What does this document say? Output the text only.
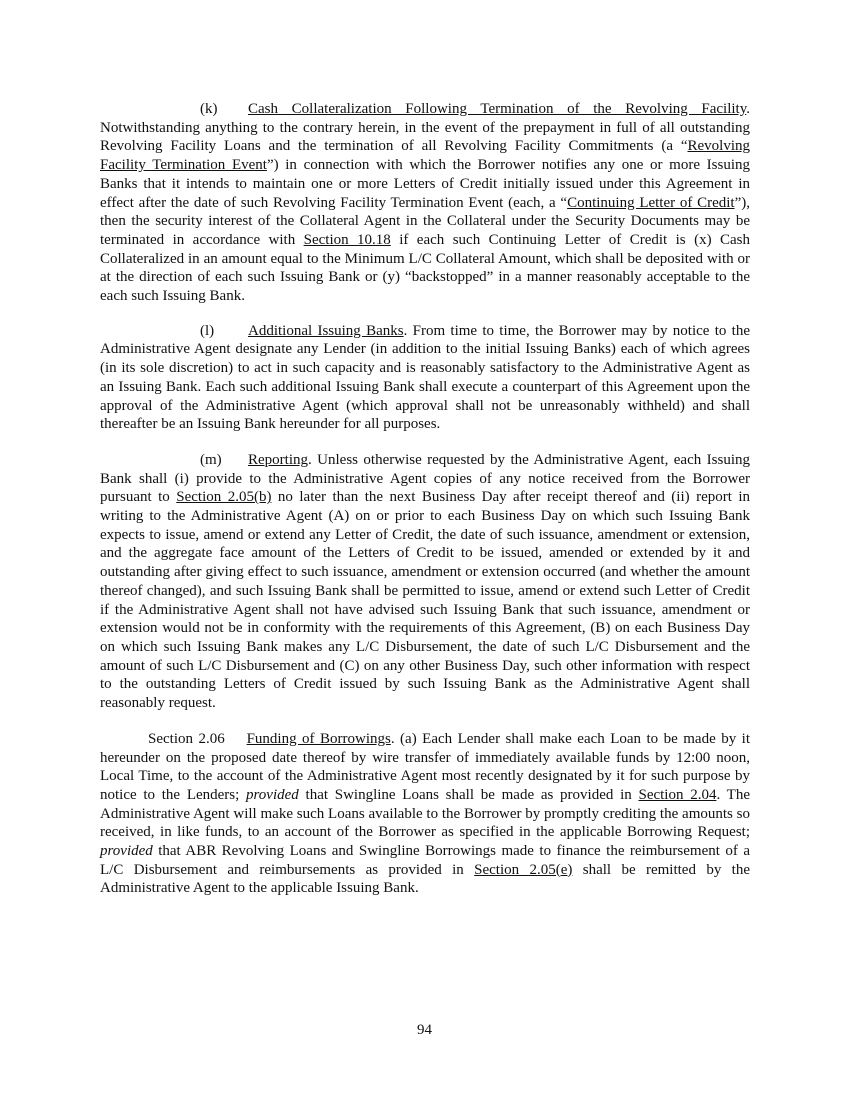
(k) Cash Collateralization Following Termination of the Revolving Facility. Notwithstanding anything to the contrary herein, in the event of the prepayment in full of all outstanding Revolving Facility Loans and the termination of all Revolving Facility Commitments (a “Revolving Facility Termination Event”) in connection with which the Borrower notifies any one or more Issuing Banks that it intends to maintain one or more Letters of Credit initially issued under this Agreement in effect after the date of such Revolving Facility Termination Event (each, a “Continuing Letter of Credit”), then the security interest of the Collateral Agent in the Collateral under the Security Documents may be terminated in accordance with Section 10.18 if each such Continuing Letter of Credit is (x) Cash Collateralized in an amount equal to the Minimum L/C Collateral Amount, which shall be deposited with or at the direction of each such Issuing Bank or (y) “backstopped” in a manner reasonably acceptable to the each such Issuing Bank.

(l) Additional Issuing Banks. From time to time, the Borrower may by notice to the Administrative Agent designate any Lender (in addition to the initial Issuing Banks) each of which agrees (in its sole discretion) to act in such capacity and is reasonably satisfactory to the Administrative Agent as an Issuing Bank. Each such additional Issuing Bank shall execute a counterpart of this Agreement upon the approval of the Administrative Agent (which approval shall not be unreasonably withheld) and shall thereafter be an Issuing Bank hereunder for all purposes.

(m) Reporting. Unless otherwise requested by the Administrative Agent, each Issuing Bank shall (i) provide to the Administrative Agent copies of any notice received from the Borrower pursuant to Section 2.05(b) no later than the next Business Day after receipt thereof and (ii) report in writing to the Administrative Agent (A) on or prior to each Business Day on which such Issuing Bank expects to issue, amend or extend any Letter of Credit, the date of such issuance, amendment or extension, and the aggregate face amount of the Letters of Credit to be issued, amended or extended by it and outstanding after giving effect to such issuance, amendment or extension occurred (and whether the amount thereof changed), and such Issuing Bank shall be permitted to issue, amend or extend such Letter of Credit if the Administrative Agent shall not have advised such Issuing Bank that such issuance, amendment or extension would not be in conformity with the requirements of this Agreement, (B) on each Business Day on which such Issuing Bank makes any L/C Disbursement, the date of such L/C Disbursement and the amount of such L/C Disbursement and (C) on any other Business Day, such other information with respect to the outstanding Letters of Credit issued by such Issuing Bank as the Administrative Agent shall reasonably request.

Section 2.06 Funding of Borrowings. (a) Each Lender shall make each Loan to be made by it hereunder on the proposed date thereof by wire transfer of immediately available funds by 12:00 noon, Local Time, to the account of the Administrative Agent most recently designated by it for such purpose by notice to the Lenders; provided that Swingline Loans shall be made as provided in Section 2.04. The Administrative Agent will make such Loans available to the Borrower by promptly crediting the amounts so received, in like funds, to an account of the Borrower as specified in the applicable Borrowing Request; provided that ABR Revolving Loans and Swingline Borrowings made to finance the reimbursement of a L/C Disbursement and reimbursements as provided in Section 2.05(e) shall be remitted by the Administrative Agent to the applicable Issuing Bank.

94
